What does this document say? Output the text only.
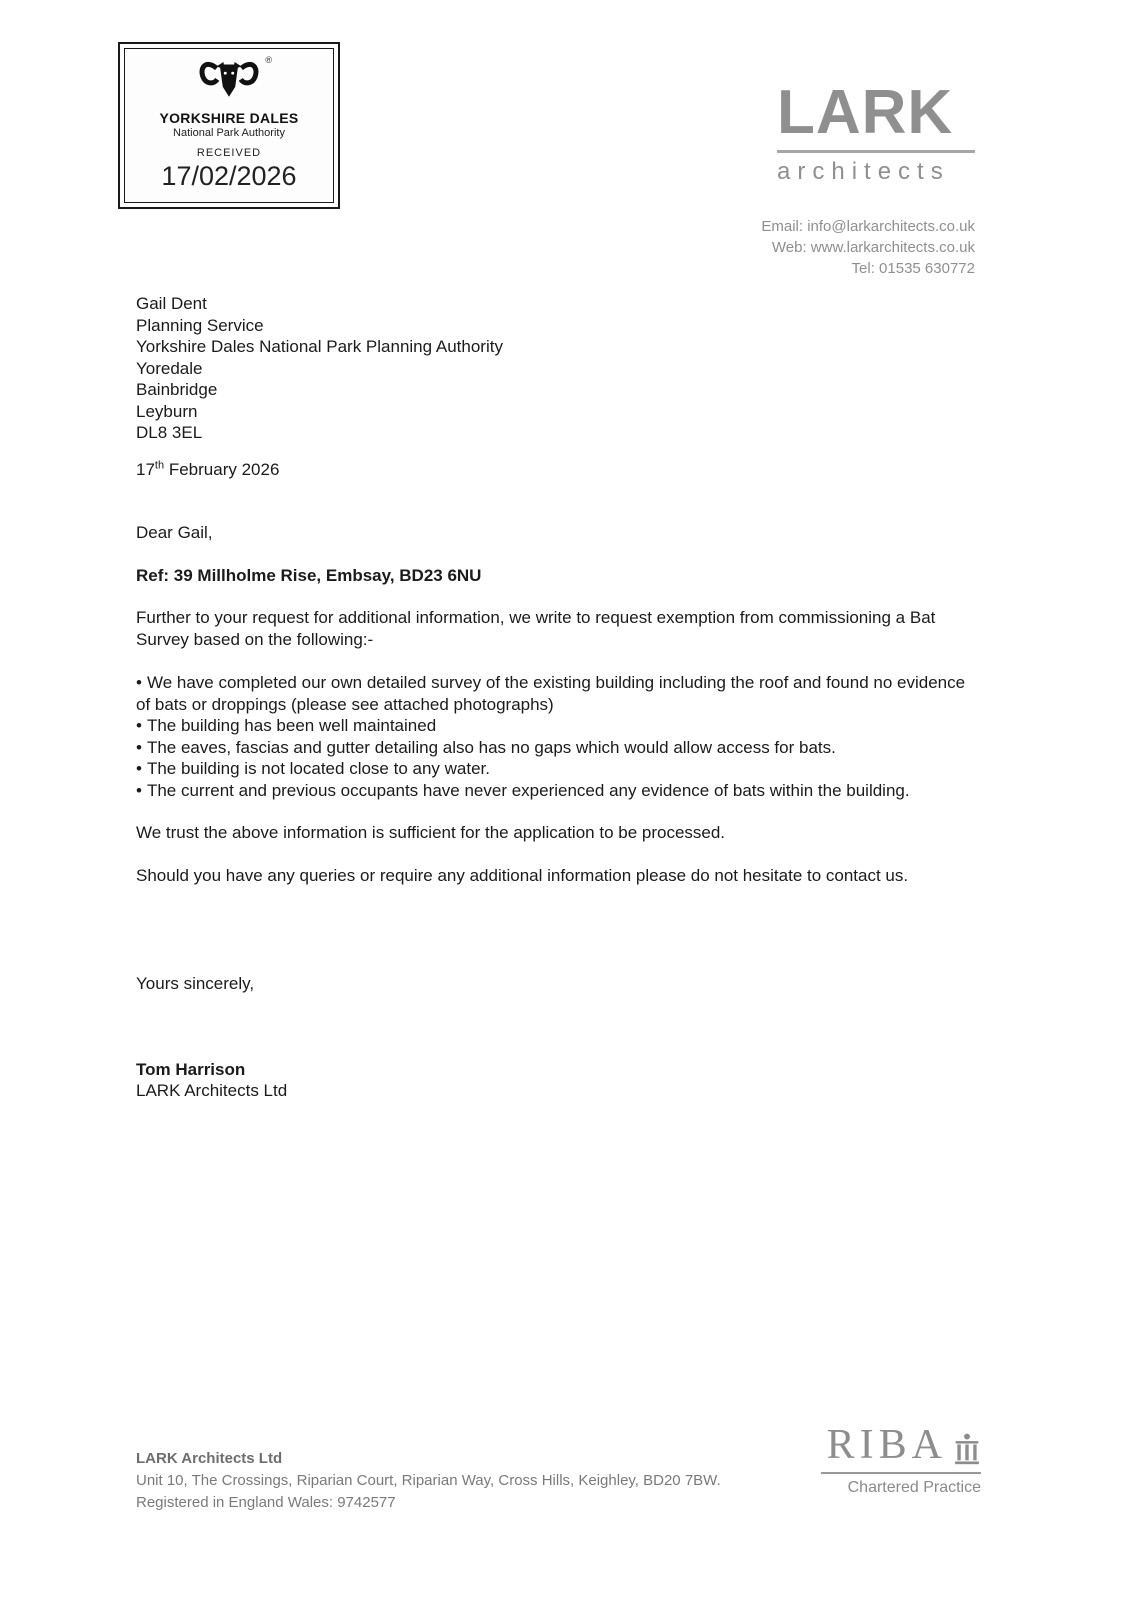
®
YORKSHIRE DALES
National Park Authority
RECEIVED
17/02/2026
LARK
architects
Email: info@larkarchitects.co.uk
Web: www.larkarchitects.co.uk
Tel: 01535 630772
Gail Dent
Planning Service
Yorkshire Dales National Park Planning Authority
Yoredale
Bainbridge
Leyburn
DL8 3EL
17th February 2026
Dear Gail,
Ref: 39 Millholme Rise, Embsay, BD23 6NU
Further to your request for additional information, we write to request exemption from commissioning a Bat Survey based on the following:-
• We have completed our own detailed survey of the existing building including the roof and found no evidence of bats or droppings (please see attached photographs)
• The building has been well maintained
• The eaves, fascias and gutter detailing also has no gaps which would allow access for bats.
• The building is not located close to any water.
• The current and previous occupants have never experienced any evidence of bats within the building.
We trust the above information is sufficient for the application to be processed.
Should you have any queries or require any additional information please do not hesitate to contact us.
Yours sincerely,
Tom Harrison
LARK Architects Ltd
LARK Architects Ltd
Unit 10, The Crossings, Riparian Court, Riparian Way, Cross Hills, Keighley, BD20 7BW.
Registered in England Wales: 9742577
RIBA
Chartered Practice
